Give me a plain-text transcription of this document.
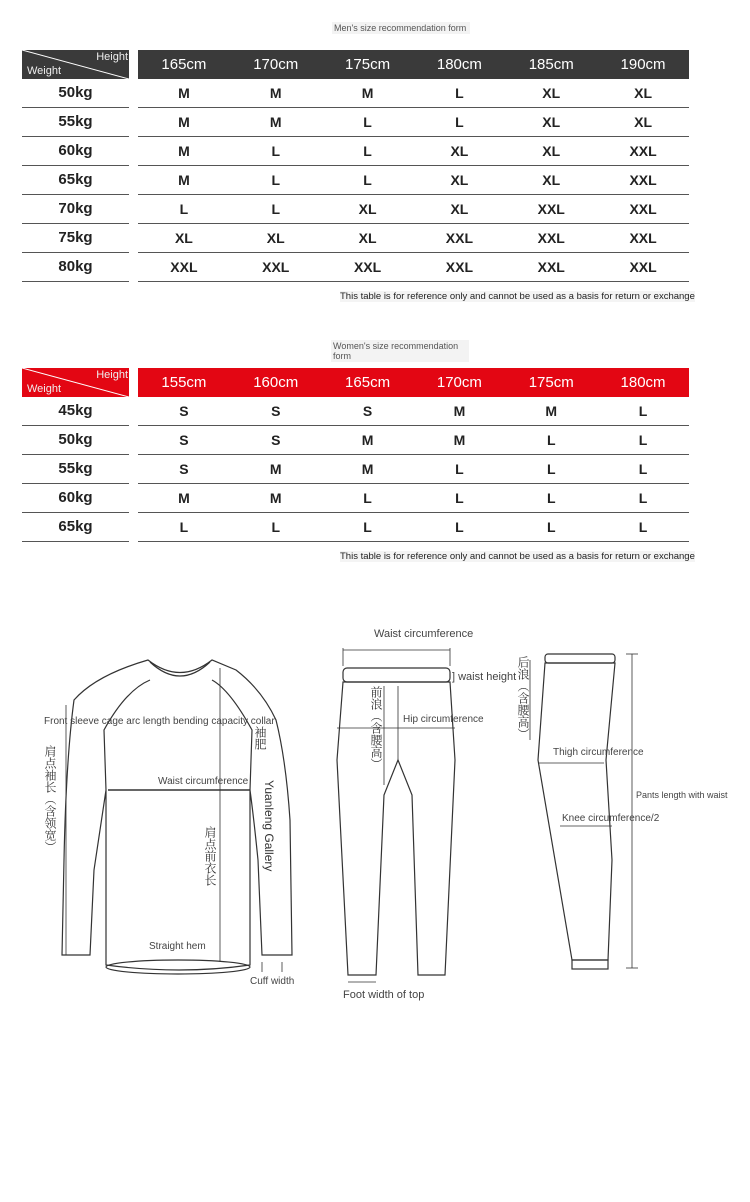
Men's size recommendation form
Height
Weight	165cm	170cm	175cm	180cm	185cm	190cm
50kg	M	M	M	L	XL	XL
55kg	M	M	L	L	XL	XL
60kg	M	L	L	XL	XL	XXL
65kg	M	L	L	XL	XL	XXL
70kg	L	L	XL	XL	XXL	XXL
75kg	XL	XL	XL	XXL	XXL	XXL
80kg	XXL	XXL	XXL	XXL	XXL	XXL
This table is for reference only and cannot be used as a basis for return or exchange
Women's size recommendation form
Height
Weight	155cm	160cm	165cm	170cm	175cm	180cm
45kg	S	S	S	M	M	L
50kg	S	S	M	M	L	L
55kg	S	M	M	L	L	L
60kg	M	M	L	L	L	L
65kg	L	L	L	L	L	L
This table is for reference only and cannot be used as a basis for return or exchange
Front sleeve cage arc length bending capacity collar
肩点袖长（含领宽）	Waist circumference
袖肥
Yuanleng Gallery
肩点前衣长
Straight hem
Cuff width
Waist circumference
] waist height
前浪（含腰高） Hip circumference
Foot width of top
后浪（含腰高）
Thigh circumference
Pants length with waist
Knee circumference/2
